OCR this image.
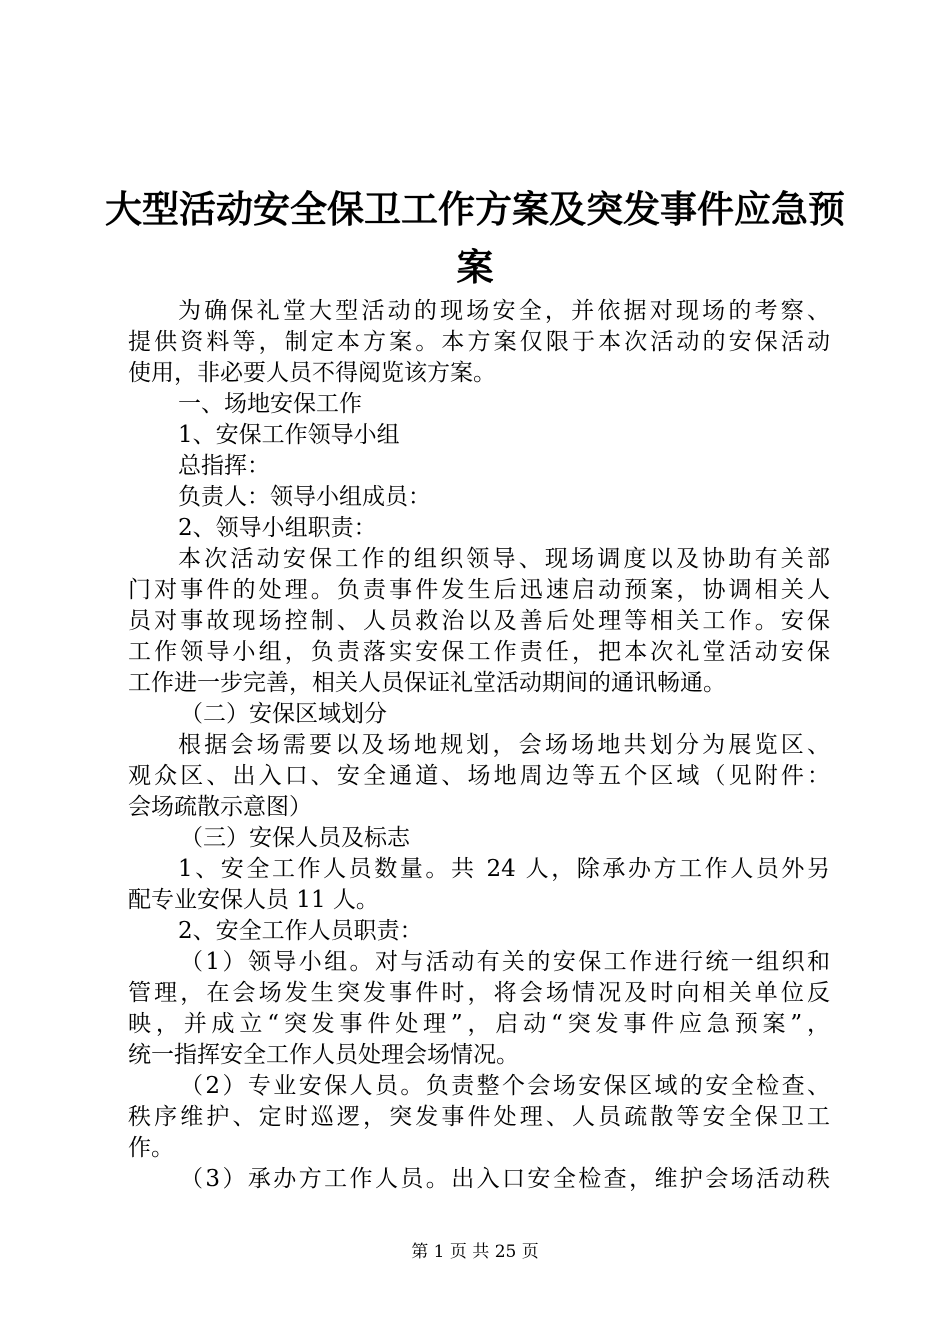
大型活动安全保卫工作方案及突发事件应急预
案
为确保礼堂大型活动的现场安全，并依据对现场的考察、
提供资料等，制定本方案。本方案仅限于本次活动的安保活动
使用，非必要人员不得阅览该方案。
一、场地安保工作
1、安保工作领导小组
总指挥：
负责人：领导小组成员：
2、领导小组职责：
本次活动安保工作的组织领导、现场调度以及协助有关部
门对事件的处理。负责事件发生后迅速启动预案，协调相关人
员对事故现场控制、人员救治以及善后处理等相关工作。安保
工作领导小组，负责落实安保工作责任，把本次礼堂活动安保
工作进一步完善，相关人员保证礼堂活动期间的通讯畅通。
（二）安保区域划分
根据会场需要以及场地规划，会场场地共划分为展览区、
观众区、出入口、安全通道、场地周边等五个区域（见附件：
会场疏散示意图）
（三）安保人员及标志
1、安全工作人员数量。共 24 人，除承办方工作人员外另
配专业安保人员 11 人。
2、安全工作人员职责：
（1）领导小组。对与活动有关的安保工作进行统一组织和
管理，在会场发生突发事件时，将会场情况及时向相关单位反
映，并成立“突发事件处理”，启动“突发事件应急预案”，
统一指挥安全工作人员处理会场情况。
（2）专业安保人员。负责整个会场安保区域的安全检查、
秩序维护、定时巡逻，突发事件处理、人员疏散等安全保卫工
作。
（3）承办方工作人员。出入口安全检查，维护会场活动秩
第 1 页 共 25 页
